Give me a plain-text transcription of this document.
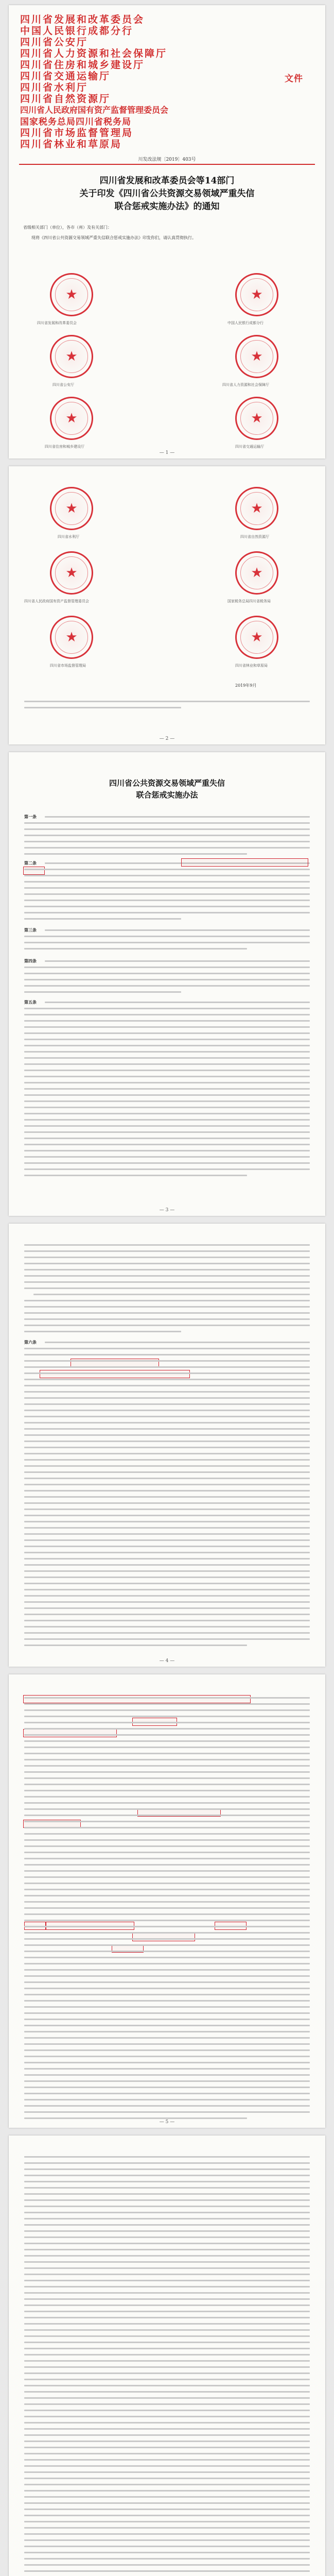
四川省发展和改革委员会
中国人民银行成都分行
四川省公安厅
四川省人力资源和社会保障厅
四川省住房和城乡建设厅
四川省交通运输厅
四川省水利厅
四川省自然资源厅
四川省人民政府国有资产监督管理委员会
国家税务总局四川省税务局
四川省市场监督管理局
四川省林业和草原局
文件
川发改法规〔2019〕403号
四川省发展和改革委员会等14部门
关于印发《四川省公共资源交易领域严重失信
联合惩戒实施办法》的通知
省级相关部门（单位），各市（州）及有关部门：
现将《四川省公共资源交易领域严重失信联合惩戒实施办法》印发你们，请认真贯彻执行。
★	★
四川省发展和改革委员会	中国人民银行成都分行
★	★
四川省公安厅	四川省人力资源和社会保障厅
★	★
四川省住房和城乡建设厅	四川省交通运输厅
— 1 —
★	★
四川省水利厅	四川省自然资源厅
★	★
四川省人民政府国有资产监督管理委员会	国家税务总局四川省税务局
★	★
四川省市场监督管理局	四川省林业和草原局
2019年9月
— 2 —
四川省公共资源交易领域严重失信
联合惩戒实施办法
第一条
第二条
第三条
第四条
第五条
— 3 —
第六条
— 4 —
— 5 —
